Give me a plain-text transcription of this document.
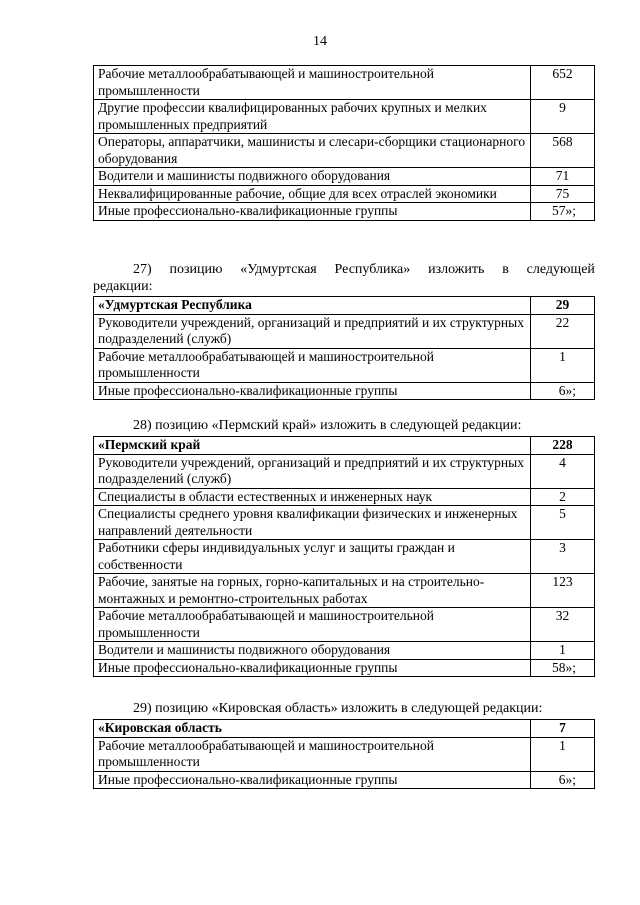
14
Рабочие металлообрабатывающей и машиностроительной промышленности	652
Другие профессии квалифицированных рабочих крупных и мелких промышленных предприятий	9
Операторы, аппаратчики, машинисты и слесари-сборщики стационарного оборудования	568
Водители и машинисты подвижного оборудования	71
Неквалифицированные рабочие, общие для всех отраслей экономики	75
Иные профессионально-квалификационные группы	57»;
27) позицию «Удмуртская Республика» изложить в следующей
редакции:
«Удмуртская Республика	29
Руководители учреждений, организаций и предприятий и их структурных подразделений (служб)	22
Рабочие металлообрабатывающей и машиностроительной промышленности	1
Иные профессионально-квалификационные группы	6»;
28) позицию «Пермский край» изложить в следующей редакции:
«Пермский край	228
Руководители учреждений, организаций и предприятий и их структурных подразделений (служб)	4
Специалисты в области естественных и инженерных наук	2
Специалисты среднего уровня квалификации физических и инженерных направлений деятельности	5
Работники сферы индивидуальных услуг и защиты граждан и собственности	3
Рабочие, занятые на горных, горно-капитальных и на строительно-монтажных и ремонтно-строительных работах	123
Рабочие металлообрабатывающей и машиностроительной промышленности	32
Водители и машинисты подвижного оборудования	1
Иные профессионально-квалификационные группы	58»;
29) позицию «Кировская область» изложить в следующей редакции:
«Кировская область	7
Рабочие металлообрабатывающей и машиностроительной промышленности	1
Иные профессионально-квалификационные группы	6»;
